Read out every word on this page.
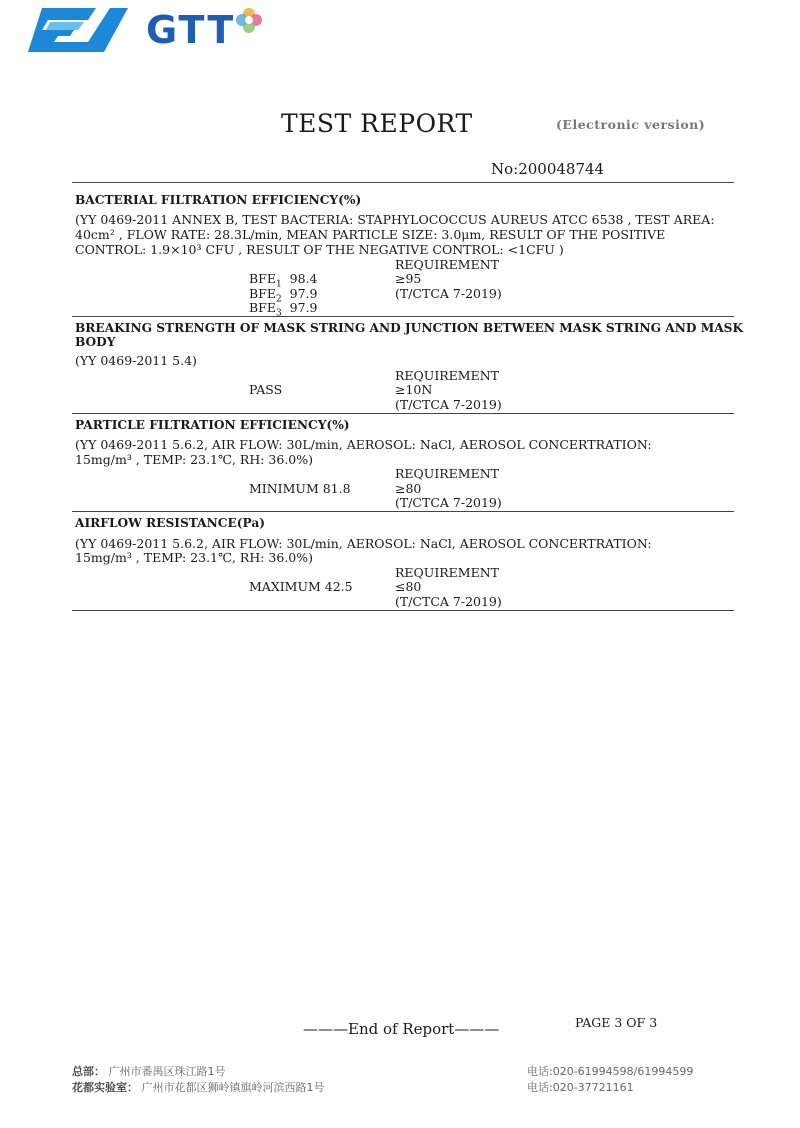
GTT
TEST REPORT	(Electronic version)
No:200048744
BACTERIAL FILTRATION EFFICIENCY(%)
(YY 0469-2011 ANNEX B, TEST BACTERIA: STAPHYLOCOCCUS AUREUS ATCC 6538 , TEST AREA:
40cm² , FLOW RATE: 28.3L/min, MEAN PARTICLE SIZE: 3.0μm, RESULT OF THE POSITIVE
CONTROL: 1.9×10³ CFU , RESULT OF THE NEGATIVE CONTROL: <1CFU )
REQUIREMENT
$BFE_1$ 98.4	≥95
$BFE_2$ 97.9	(T/CTCA 7-2019)
$BFE_3$ 97.9
BREAKING STRENGTH OF MASK STRING AND JUNCTION BETWEEN MASK STRING AND MASK
BODY
(YY 0469-2011 5.4)
REQUIREMENT
PASS	≥10N
(T/CTCA 7-2019)
PARTICLE FILTRATION EFFICIENCY(%)
(YY 0469-2011 5.6.2, AIR FLOW: 30L/min, AEROSOL: NaCl, AEROSOL CONCERTRATION:
15mg/m³ , TEMP: 23.1℃, RH: 36.0%)
REQUIREMENT
MINIMUM 81.8	≥80
(T/CTCA 7-2019)
AIRFLOW RESISTANCE(Pa)
(YY 0469-2011 5.6.2, AIR FLOW: 30L/min, AEROSOL: NaCl, AEROSOL CONCERTRATION:
15mg/m³ , TEMP: 23.1℃, RH: 36.0%)
REQUIREMENT
MAXIMUM 42.5	≤80
(T/CTCA 7-2019)
———End of Report———	PAGE 3 OF 3
总部： 广州市番禺区珠江路1号
花都实验室： 广州市花都区狮岭镇旗岭河滨西路1号
电话:020-61994598/61994599
电话:020-37721161
